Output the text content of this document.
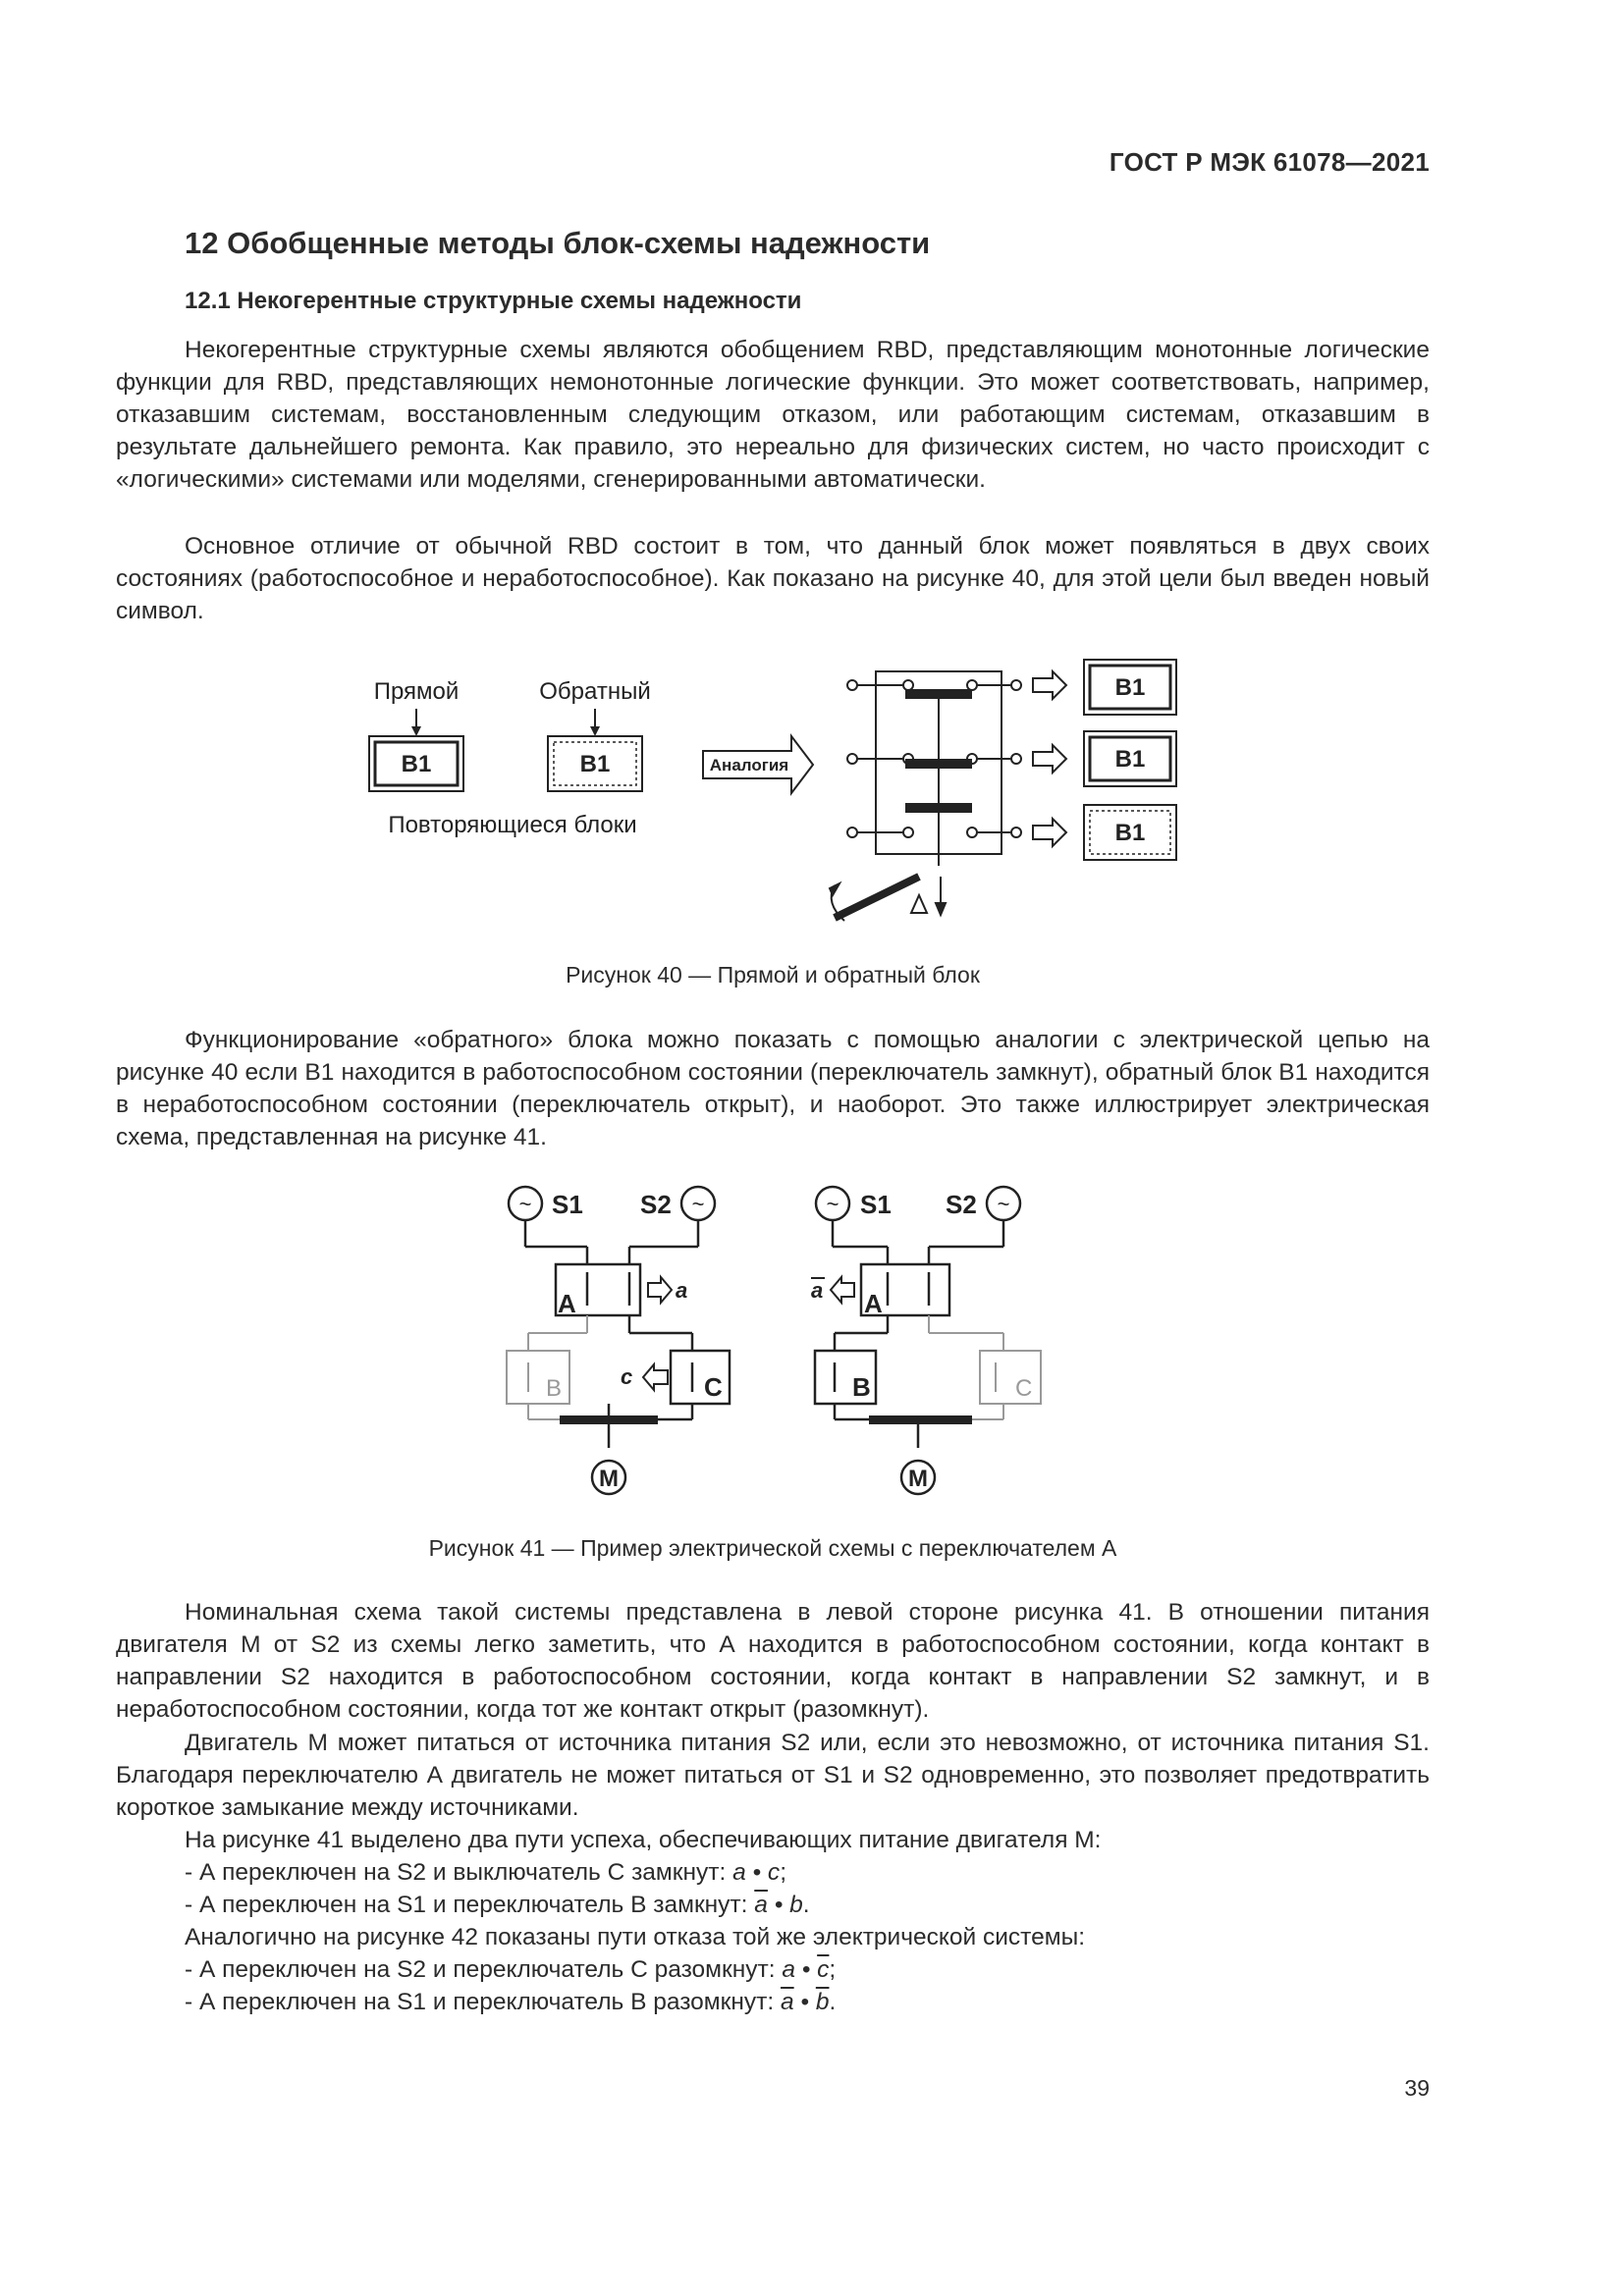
ГОСТ Р МЭК 61078—2021
12 Обобщенные методы блок-схемы надежности
12.1 Некогерентные структурные схемы надежности

Некогерентные структурные схемы являются обобщением RBD, представляющим монотонные логические функции для RBD, представляющих немонотонные логические функции. Это может соответствовать, например, отказавшим системам, восстановленным следующим отказом, или работающим системам, отказавшим в результате дальнейшего ремонта. Как правило, это нереально для физических систем, но часто происходит с «логическими» системами или моделями, сгенерированными автоматически.

Основное отличие от обычной RBD состоит в том, что данный блок может появляться в двух своих состояниях (работоспособное и неработоспособное). Как показано на рисунке 40, для этой цели был введен новый символ.

Прямой	Обратный
B1	B1
Повторяющиеся блоки
Аналогия
B1
B1
B1
Рисунок 40 — Прямой и обратный блок

Функционирование «обратного» блока можно показать с помощью аналогии с электрической цепью на рисунке 40 если B1 находится в работоспособном состоянии (переключатель замкнут), обратный блок B1 находится в неработоспособном состоянии (переключатель открыт), и наоборот. Это также иллюстрирует электрическая схема, представленная на рисунке 41.

~	~
S1 S2
A	a
B	C
c
M
~	~
S1 S2
A
a
B	C
M
Рисунок 41 — Пример электрической схемы с переключателем А

Номинальная схема такой системы представлена в левой стороне рисунка 41. В отношении питания двигателя М от S2 из схемы легко заметить, что А находится в работоспособном состоянии, когда контакт в направлении S2 находится в работоспособном состоянии, когда контакт в направлении S2 замкнут, и в неработоспособном состоянии, когда тот же контакт открыт (разомкнут).

Двигатель М может питаться от источника питания S2 или, если это невозможно, от источника питания S1. Благодаря переключателю А двигатель не может питаться от S1 и S2 одновременно, это позволяет предотвратить короткое замыкание между источниками.

На рисунке 41 выделено два пути успеха, обеспечивающих питание двигателя М:
- А переключен на S2 и выключатель С замкнут: a • c;
- А переключен на S1 и переключатель В замкнут: $\overline{a}$ • b.
Аналогично на рисунке 42 показаны пути отказа той же электрической системы:
- А переключен на S2 и переключатель С разомкнут: a • $\overline{c}$;
- А переключен на S1 и переключатель В разомкнут: $\overline{a}$ • $\overline{b}$.
39
